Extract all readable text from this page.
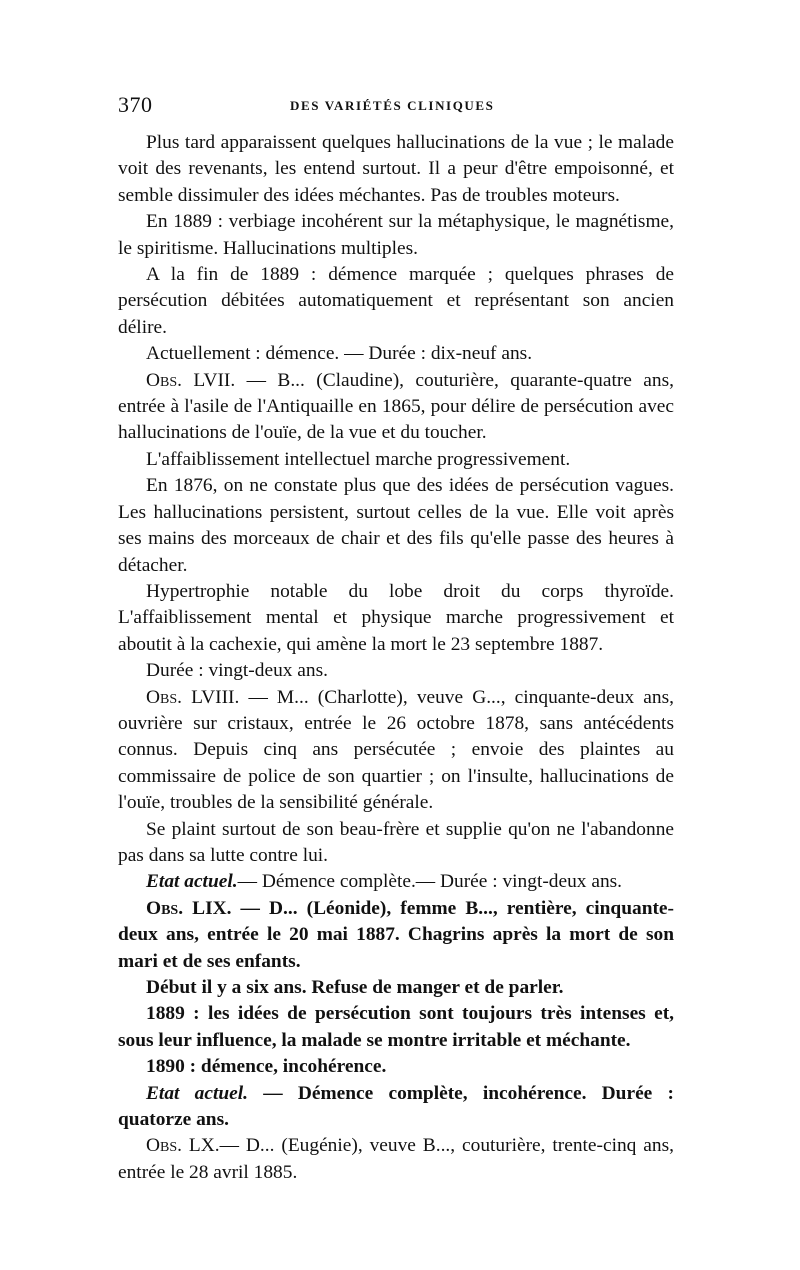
370	DES VARIÉTÉS CLINIQUES

Plus tard apparaissent quelques hallucinations de la vue ; le malade voit des revenants, les entend surtout. Il a peur d'être empoisonné, et semble dissimuler des idées méchantes. Pas de troubles moteurs.

En 1889 : verbiage incohérent sur la métaphysique, le magnétisme, le spiritisme. Hallucinations multiples.

A la fin de 1889 : démence marquée ; quelques phrases de persécution débitées automatiquement et représentant son ancien délire.

Actuellement : démence. — Durée : dix-neuf ans.

Obs. LVII. — B... (Claudine), couturière, quarante-quatre ans, entrée à l'asile de l'Antiquaille en 1865, pour délire de persécution avec hallucinations de l'ouïe, de la vue et du toucher.

L'affaiblissement intellectuel marche progressivement.

En 1876, on ne constate plus que des idées de persécution vagues. Les hallucinations persistent, surtout celles de la vue. Elle voit après ses mains des morceaux de chair et des fils qu'elle passe des heures à détacher.

Hypertrophie notable du lobe droit du corps thyroïde. L'affaiblissement mental et physique marche progressivement et aboutit à la cachexie, qui amène la mort le 23 septembre 1887.

Durée : vingt-deux ans.

Obs. LVIII. — M... (Charlotte), veuve G..., cinquante-deux ans, ouvrière sur cristaux, entrée le 26 octobre 1878, sans antécédents connus. Depuis cinq ans persécutée ; envoie des plaintes au commissaire de police de son quartier ; on l'insulte, hallucinations de l'ouïe, troubles de la sensibilité générale.

Se plaint surtout de son beau-frère et supplie qu'on ne l'abandonne pas dans sa lutte contre lui.

Etat actuel.— Démence complète.— Durée : vingt-deux ans.

Obs. LIX. — D... (Léonide), femme B..., rentière, cinquante-deux ans, entrée le 20 mai 1887. Chagrins après la mort de son mari et de ses enfants.

Début il y a six ans. Refuse de manger et de parler.

1889 : les idées de persécution sont toujours très intenses et, sous leur influence, la malade se montre irritable et méchante.

1890 : démence, incohérence.

Etat actuel. — Démence complète, incohérence. Durée : quatorze ans.

Obs. LX.— D... (Eugénie), veuve B..., couturière, trente-cinq ans, entrée le 28 avril 1885.
